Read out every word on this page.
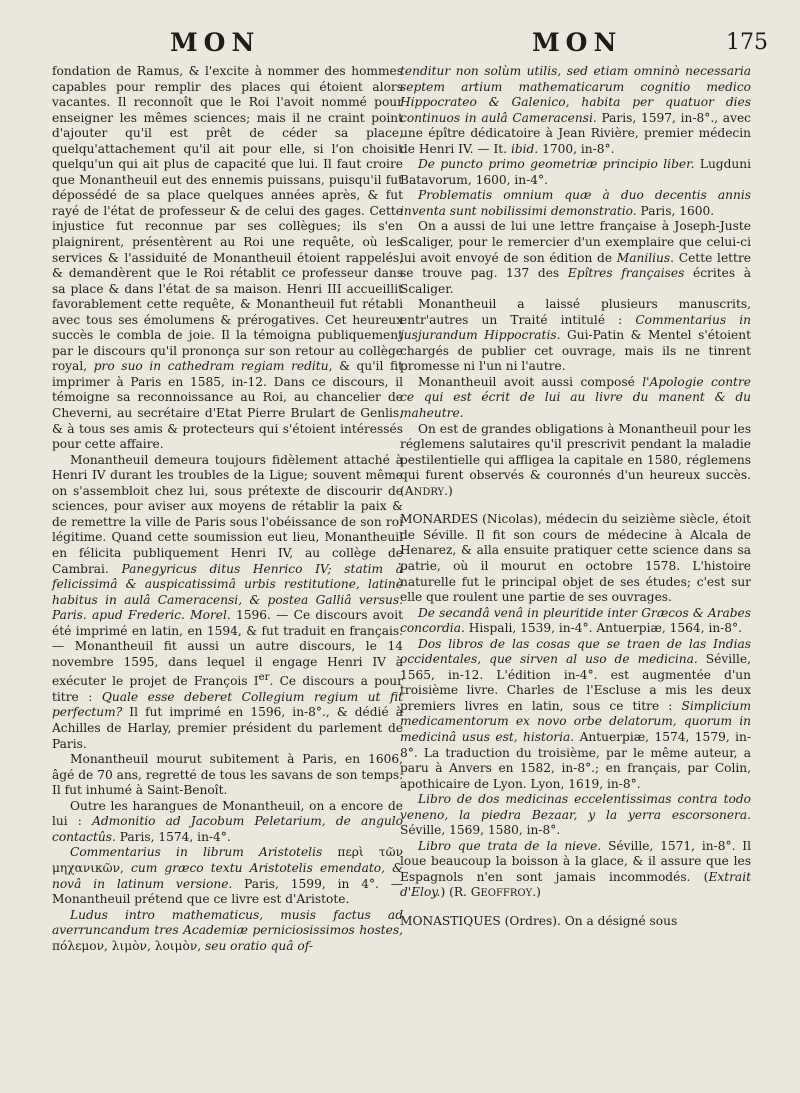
MON	MON	175

fondation de Ramus, & l'excite à nommer des hommes capables pour remplir des places qui étoient alors vacantes. Il reconnoît que le Roi l'avoit nommé pour enseigner les mêmes sciences; mais il ne craint point d'ajouter qu'il est prêt de céder sa place, quelqu'attachement qu'il ait pour elle, si l'on choisit quelqu'un qui ait plus de capacité que lui. Il faut croire que Monantheuil eut des ennemis puissans, puisqu'il fut dépossédé de sa place quelques années après, & fut rayé de l'état de professeur & de celui des gages. Cette injustice fut reconnue par ses collègues; ils s'en plaignirent, présentèrent au Roi une requête, où les services & l'assiduité de Monantheuil étoient rappelés, & demandèrent que le Roi rétablit ce professeur dans sa place & dans l'état de sa maison. Henri III accueillit favorablement cette requête, & Monantheuil fut rétabli avec tous ses émolumens & prérogatives. Cet heureux succès le combla de joie. Il la témoigna publiquement par le discours qu'il prononça sur son retour au collège royal, pro suo in cathedram regiam reditu, & qu'il fit imprimer à Paris en 1585, in-12. Dans ce discours, il témoigne sa reconnoissance au Roi, au chancelier de Cheverni, au secrétaire d'Etat Pierre Brulart de Genlis, & à tous ses amis & protecteurs qui s'étoient intéressés pour cette affaire.

Monantheuil demeura toujours fidèlement attaché à Henri IV durant les troubles de la Ligue; souvent même on s'assembloit chez lui, sous prétexte de discourir de sciences, pour aviser aux moyens de rétablir la paix & de remettre la ville de Paris sous l'obéissance de son roi légitime. Quand cette soumission eut lieu, Monantheuil en félicita publiquement Henri IV, au collège de Cambrai. Panegyricus ditus Henrico IV; statim à felicissimâ & auspicatissimâ urbis restitutione, latinè habitus in aulâ Cameracensi, & postea Galliâ versus. Paris. apud Frederic. Morel. 1596. — Ce discours avoit été imprimé en latin, en 1594, & fut traduit en français. — Monantheuil fit aussi un autre discours, le 14 novembre 1595, dans lequel il engage Henri IV à exécuter le projet de François Ier. Ce discours a pour titre : Quale esse deberet Collegium regium ut fit perfectum? Il fut imprimé en 1596, in-8°., & dédié à Achilles de Harlay, premier président du parlement de Paris.

Monantheuil mourut subitement à Paris, en 1606, âgé de 70 ans, regretté de tous les savans de son temps. Il fut inhumé à Saint-Benoît.

Outre les harangues de Monantheuil, on a encore de lui : Admonitio ad Jacobum Peletarium, de angulo contactûs. Paris, 1574, in-4°.

Commentarius in librum Aristotelis περὶ τῶν μηχανικῶν, cum græco textu Aristotelis emendato, & novâ in latinum versione. Paris, 1599, in 4°. — Monantheuil prétend que ce livre est d'Aristote.

Ludus intro mathematicus, musis factus ad averruncandum tres Academiæ perniciosissimos hostes, πόλεμον, λιμὸν, λοιμὸν, seu oratio quâ of-

tenditur non solùm utilis, sed etiam omninò necessaria septem artium mathematicarum cognitio medico Hippocrateo & Galenico, habita per quatuor dies continuos in aulâ Cameracensi. Paris, 1597, in-8°., avec une épître dédicatoire à Jean Rivière, premier médecin de Henri IV. — It. ibid. 1700, in-8°.

De puncto primo geometriæ principio liber. Lugduni Batavorum, 1600, in-4°.

Problematis omnium quæ à duo decentis annis inventa sunt nobilissimi demonstratio. Paris, 1600.

On a aussi de lui une lettre française à Joseph-Juste Scaliger, pour le remercier d'un exemplaire que celui-ci lui avoit envoyé de son édition de Manilius. Cette lettre se trouve pag. 137 des Epîtres françaises écrites à Scaliger.

Monantheuil a laissé plusieurs manuscrits, entr'autres un Traité intitulé : Commentarius in jusjurandum Hippocratis. Gui-Patin & Mentel s'étoient chargés de publier cet ouvrage, mais ils ne tinrent promesse ni l'un ni l'autre.

Monantheuil avoit aussi composé l'Apologie contre ce qui est écrit de lui au livre du manent & du maheutre.

On est de grandes obligations à Monantheuil pour les réglemens salutaires qu'il prescrivit pendant la maladie pestilentielle qui affligea la capitale en 1580, réglemens qui furent observés & couronnés d'un heureux succès. (ANDRY.)

MONARDES (Nicolas), médecin du seizième siècle, étoit de Séville. Il fit son cours de médecine à Alcala de Henarez, & alla ensuite pratiquer cette science dans sa patrie, où il mourut en octobre 1578. L'histoire naturelle fut le principal objet de ses études; c'est sur elle que roulent une partie de ses ouvrages.

De secandâ venâ in pleuritide inter Græcos & Arabes concordia. Hispali, 1539, in-4°. Antuerpiæ, 1564, in-8°.

Dos libros de las cosas que se traen de las Indias occidentales, que sirven al uso de medicina. Séville, 1565, in-12. L'édition in-4°. est augmentée d'un troisième livre. Charles de l'Escluse a mis les deux premiers livres en latin, sous ce titre : Simplicium medicamentorum ex novo orbe delatorum, quorum in medicinâ usus est, historia. Antuerpiæ, 1574, 1579, in-8°. La traduction du troisième, par le même auteur, a paru à Anvers en 1582, in-8°.; en français, par Colin, apothicaire de Lyon. Lyon, 1619, in-8°.

Libro de dos medicinas eccelentissimas contra todo veneno, la piedra Bezaar, y la yerra escorsonera. Séville, 1569, 1580, in-8°.

Libro que trata de la nieve. Séville, 1571, in-8°. Il loue beaucoup la boisson à la glace, & il assure que les Espagnols n'en sont jamais incommodés. (Extrait d'Eloy.) (R. GEOFFROY.)

MONASTIQUES (Ordres). On a désigné sous
